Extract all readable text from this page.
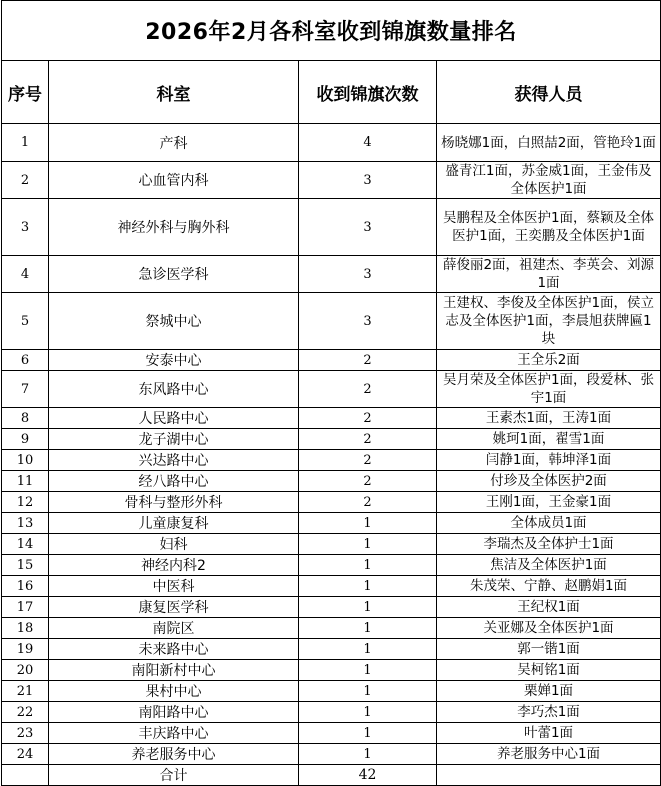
2026年2月各科室收到锦旗数量排名			
序号	科室	收到锦旗次数	获得人员
1	产科	4	杨晓娜1面，白照喆2面，管艳玲1面
2	心血管内科	3	盛青江1面，苏金威1面，王金伟及全体医护1面
3	神经外科与胸外科	3	吴鹏程及全体医护1面，蔡颖及全体医护1面，王奕鹏及全体医护1面
4	急诊医学科	3	薛俊丽2面，祖建杰、李英会、刘源1面
5	祭城中心	3	王建权、李俊及全体医护1面，侯立志及全体医护1面，李晨旭获牌匾1块
6	安泰中心	2	王全乐2面
7	东风路中心	2	吴月荣及全体医护1面，段爱林、张宇1面
8	人民路中心	2	王素杰1面，王涛1面
9	龙子湖中心	2	姚珂1面，翟雪1面
10	兴达路中心	2	闫静1面，韩坤泽1面
11	经八路中心	2	付珍及全体医护2面
12	骨科与整形外科	2	王刚1面，王金豪1面
13	儿童康复科	1	全体成员1面
14	妇科	1	李瑞杰及全体护士1面
15	神经内科2	1	焦洁及全体医护1面
16	中医科	1	朱茂荣、宁静、赵鹏娟1面
17	康复医学科	1	王纪权1面
18	南院区	1	关亚娜及全体医护1面
19	未来路中心	1	郭一锴1面
20	南阳新村中心	1	吴柯铭1面
21	果村中心	1	栗婵1面
22	南阳路中心	1	李巧杰1面
23	丰庆路中心	1	叶蕾1面
24	养老服务中心	1	养老服务中心1面
	合计	42	
